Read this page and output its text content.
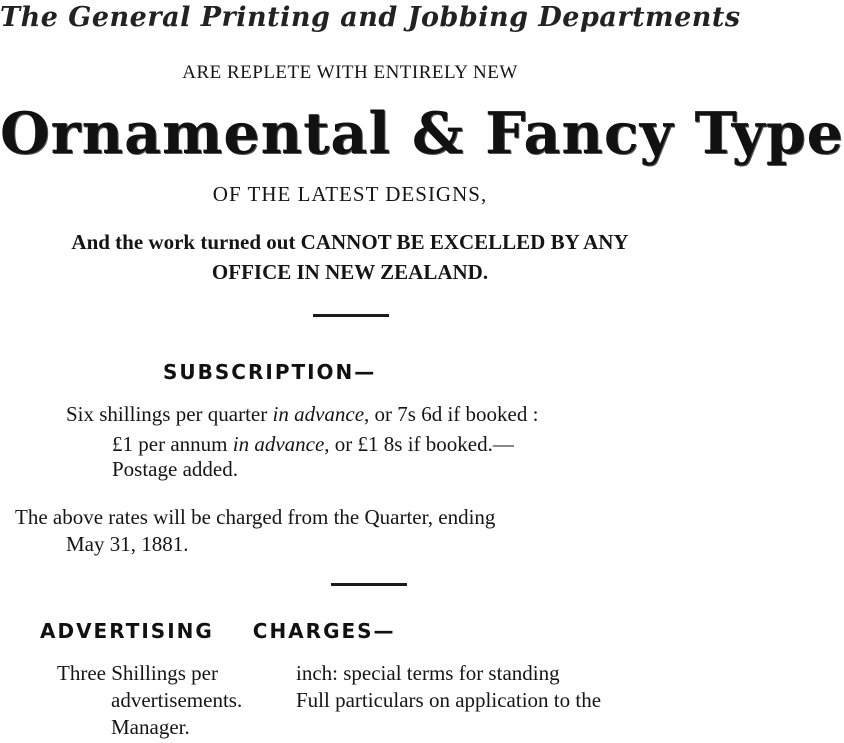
The General Printing and Jobbing Departments
ARE REPLETE WITH ENTIRELY NEW
Ornamental & Fancy Type
OF THE LATEST DESIGNS,
And the work turned out CANNOT BE EXCELLED BY ANY
OFFICE IN NEW ZEALAND.
SUBSCRIPTION—
Six shillings per quarter in advance, or 7s 6d if booked :
£1 per annum in advance, or £1 8s if booked.—
Postage added.
The above rates will be charged from the Quarter, ending
May 31, 1881.
ADVERTISING CHARGES—
Three Shillings per	inch: special terms for standing
advertisements.	Full particulars on application to the
Manager.
